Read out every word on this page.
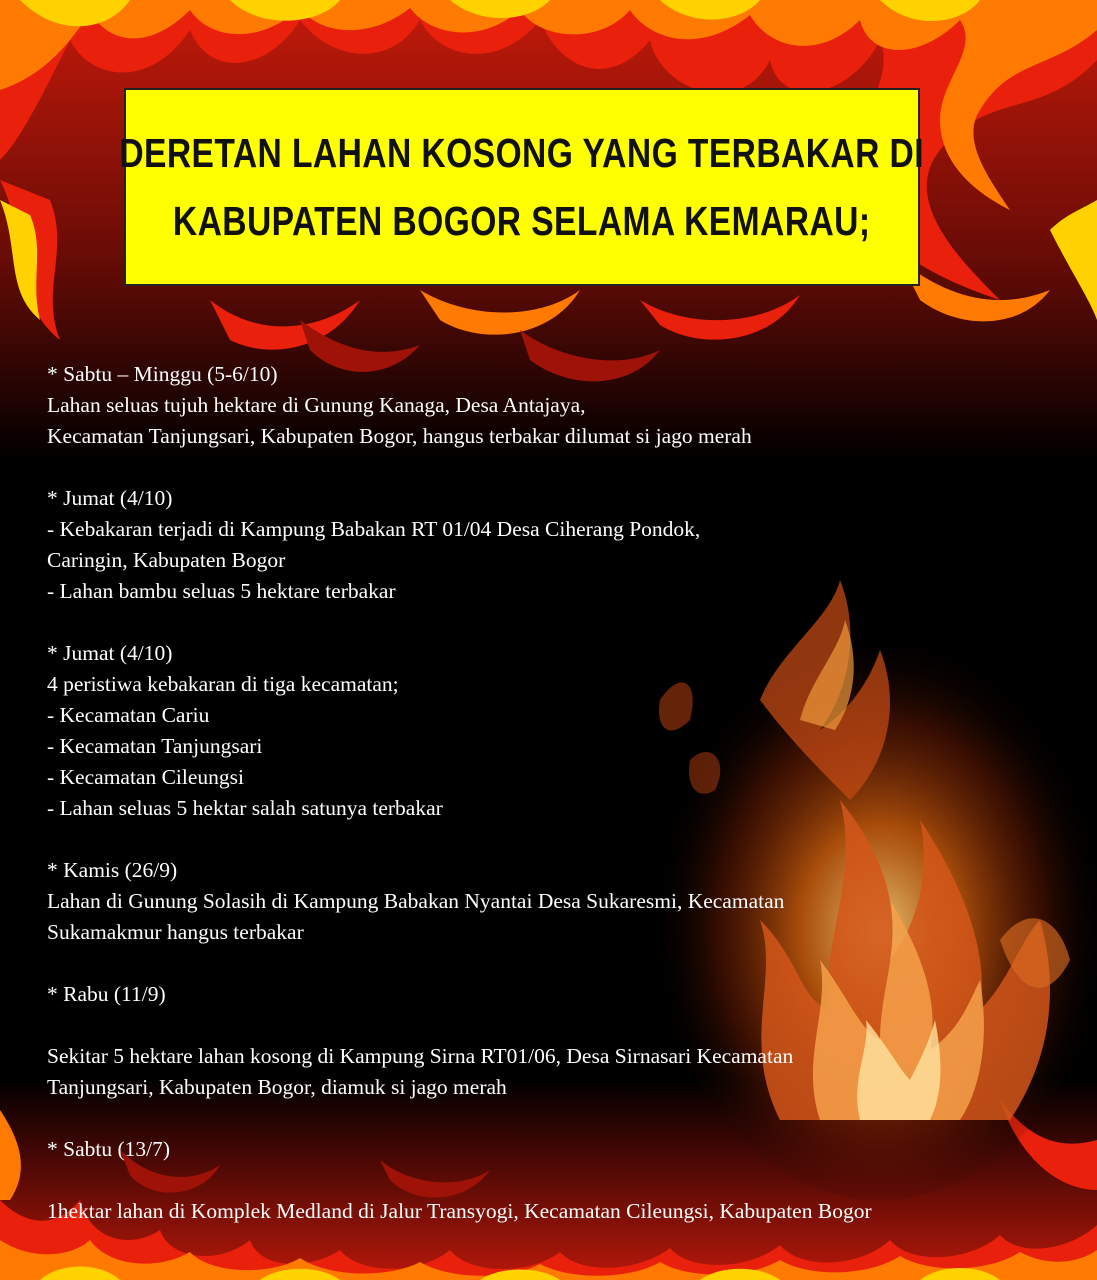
DERETAN LAHAN KOSONG YANG TERBAKAR DI
KABUPATEN BOGOR SELAMA KEMARAU;
* Sabtu – Minggu (5-6/10)
Lahan seluas tujuh hektare di Gunung Kanaga, Desa Antajaya,
Kecamatan Tanjungsari, Kabupaten Bogor, hangus terbakar dilumat si jago merah
* Jumat (4/10)
- Kebakaran terjadi di Kampung Babakan RT 01/04 Desa Ciherang Pondok,
Caringin, Kabupaten Bogor
- Lahan bambu seluas 5 hektare terbakar
* Jumat (4/10)
4 peristiwa kebakaran di tiga kecamatan;
- Kecamatan Cariu
- Kecamatan Tanjungsari
- Kecamatan Cileungsi
- Lahan seluas 5 hektar salah satunya terbakar
* Kamis (26/9)
Lahan di Gunung Solasih di Kampung Babakan Nyantai Desa Sukaresmi, Kecamatan
Sukamakmur hangus terbakar
* Rabu (11/9)
Sekitar 5 hektare lahan kosong di Kampung Sirna RT01/06, Desa Sirnasari Kecamatan
Tanjungsari, Kabupaten Bogor, diamuk si jago merah
* Sabtu (13/7)
1hektar lahan di Komplek Medland di Jalur Transyogi, Kecamatan Cileungsi, Kabupaten Bogor
